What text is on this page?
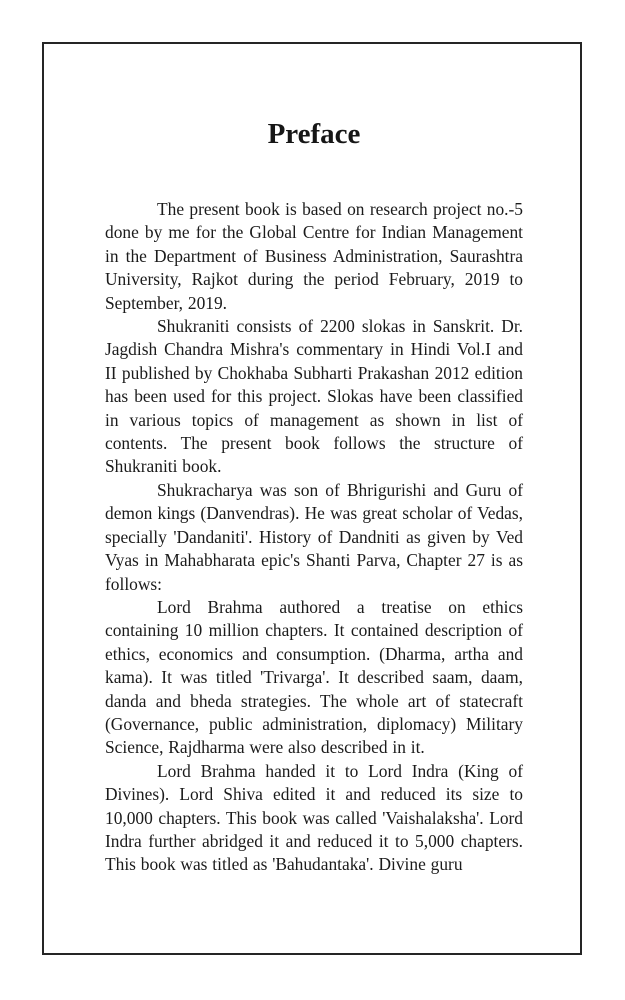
Preface

The present book is based on research project no.-5 done by me for the Global Centre for Indian Management in the Department of Business Administration, Saurashtra University, Rajkot during the period February, 2019 to September, 2019.

Shukraniti consists of 2200 slokas in Sanskrit. Dr. Jagdish Chandra Mishra's commentary in Hindi Vol.I and II published by Chokhaba Subharti Prakashan 2012 edition has been used for this project. Slokas have been classified in various topics of management as shown in list of contents. The present book follows the structure of Shukraniti book.

Shukracharya was son of Bhrigurishi and Guru of demon kings (Danvendras). He was great scholar of Vedas, specially 'Dandaniti'. History of Dandniti as given by Ved Vyas in Mahabharata epic's Shanti Parva, Chapter 27 is as follows:

Lord Brahma authored a treatise on ethics containing 10 million chapters. It contained description of ethics, economics and consumption. (Dharma, artha and kama). It was titled 'Trivarga'. It described saam, daam, danda and bheda strategies. The whole art of statecraft (Governance, public administration, diplomacy) Military Science, Rajdharma were also described in it.

Lord Brahma handed it to Lord Indra (King of Divines). Lord Shiva edited it and reduced its size to 10,000 chapters. This book was called 'Vaishalaksha'. Lord Indra further abridged it and reduced it to 5,000 chapters. This book was titled as 'Bahudantaka'. Divine guru
